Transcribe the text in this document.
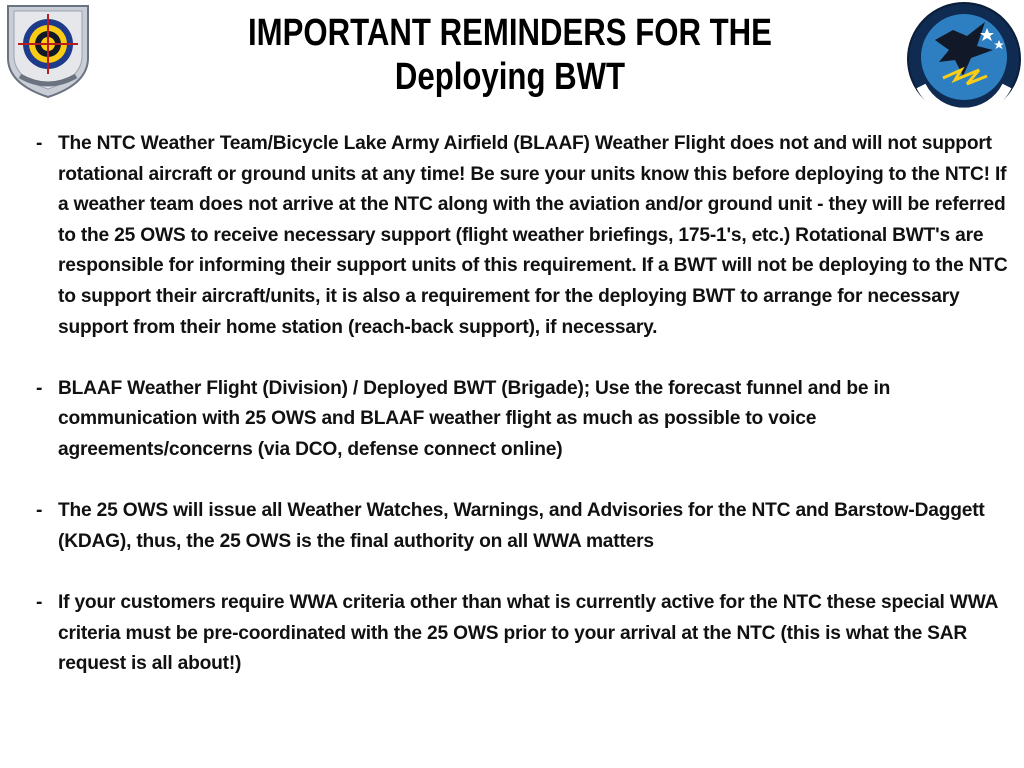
IMPORTANT REMINDERS FOR THE
Deploying BWT
- The NTC Weather Team/Bicycle Lake Army Airfield (BLAAF) Weather Flight does not and will not support rotational aircraft or ground units at any time! Be sure your units know this before deploying to the NTC! If a weather team does not arrive at the NTC along with the aviation and/or ground unit - they will be referred to the 25 OWS to receive necessary support (flight weather briefings, 175-1's, etc.) Rotational BWT's are responsible for informing their support units of this requirement. If a BWT will not be deploying to the NTC to support their aircraft/units, it is also a requirement for the deploying BWT to arrange for necessary support from their home station (reach-back support), if necessary.
- BLAAF Weather Flight (Division) / Deployed BWT (Brigade); Use the forecast funnel and be in communication with 25 OWS and BLAAF weather flight as much as possible to voice agreements/concerns (via DCO, defense connect online)
- The 25 OWS will issue all Weather Watches, Warnings, and Advisories for the NTC and Barstow-Daggett (KDAG), thus, the 25 OWS is the final authority on all WWA matters
- If your customers require WWA criteria other than what is currently active for the NTC these special WWA criteria must be pre-coordinated with the 25 OWS prior to your arrival at the NTC (this is what the SAR request is all about!)
